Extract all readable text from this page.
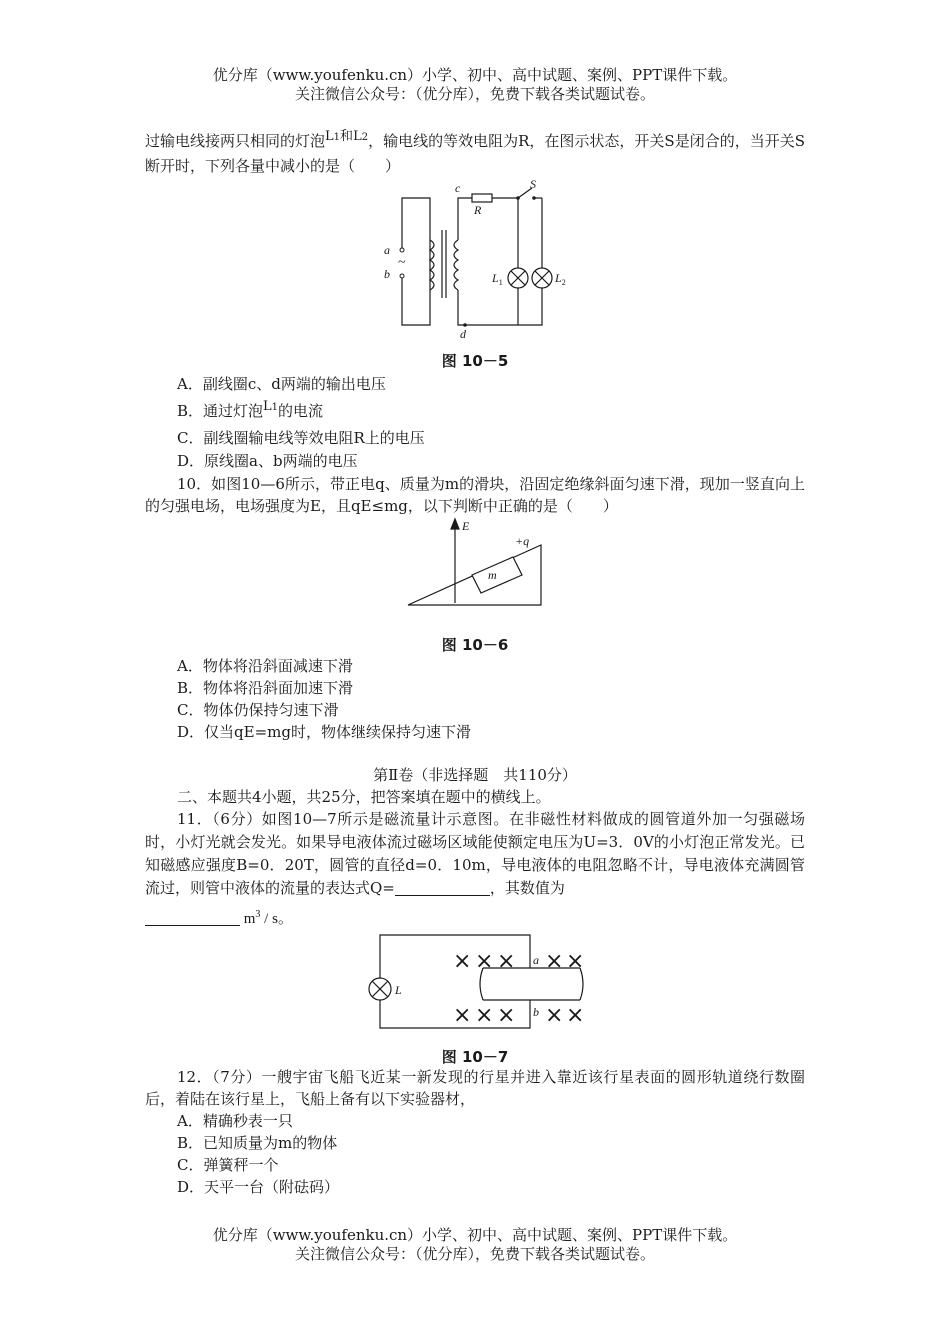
优分库（www.youfenku.cn）小学、初中、高中试题、案例、PPT课件下载。
关注微信公众号：（优分库），免费下载各类试题试卷。
过输电线接两只相同的灯泡L1和L2，输电线的等效电阻为R，在图示状态，开关S是闭合的，当开关S断开时，下列各量中减小的是（　　）
a
b
~
c
R
S
$L_1$	$L_2$
d
图 10－5
A．副线圈c、d两端的输出电压
B．通过灯泡L1的电流
C．副线圈输电线等效电阻R上的电压
D．原线圈a、b两端的电压
10．如图10—6所示，带正电q、质量为m的滑块，沿固定绝缘斜面匀速下滑，现加一竖直向上的匀强电场，电场强度为E，且qE≤mg，以下判断中正确的是（　　）
E
m
+q
图 10－6
A．物体将沿斜面减速下滑
B．物体将沿斜面加速下滑
C．物体仍保持匀速下滑
D．仅当qE=mg时，物体继续保持匀速下滑
第Ⅱ卷（非选择题　共110分）
二、本题共4小题，共25分，把答案填在题中的横线上。
11．（6分）如图10—7所示是磁流量计示意图。在非磁性材料做成的圆管道外加一匀强磁场时，小灯光就会发光。如果导电液体流过磁场区域能使额定电压为U=3．0V的小灯泡正常发光。已知磁感应强度B=0．20T，圆管的直径d=0．10m，导电液体的电阻忽略不计，导电液体充满圆管流过，则管中液体的流量的表达式Q=	，其数值为
$m^3$ / s。
× × × × ×
× × × × ×
L
a
b
图 10－7
12．（7分）一艘宇宙飞船飞近某一新发现的行星并进入靠近该行星表面的圆形轨道绕行数圈后，着陆在该行星上，飞船上备有以下实验器材，
A．精确秒表一只
B．已知质量为m的物体
C．弹簧秤一个
D．天平一台（附砝码）
优分库（www.youfenku.cn）小学、初中、高中试题、案例、PPT课件下载。
关注微信公众号：（优分库），免费下载各类试题试卷。
